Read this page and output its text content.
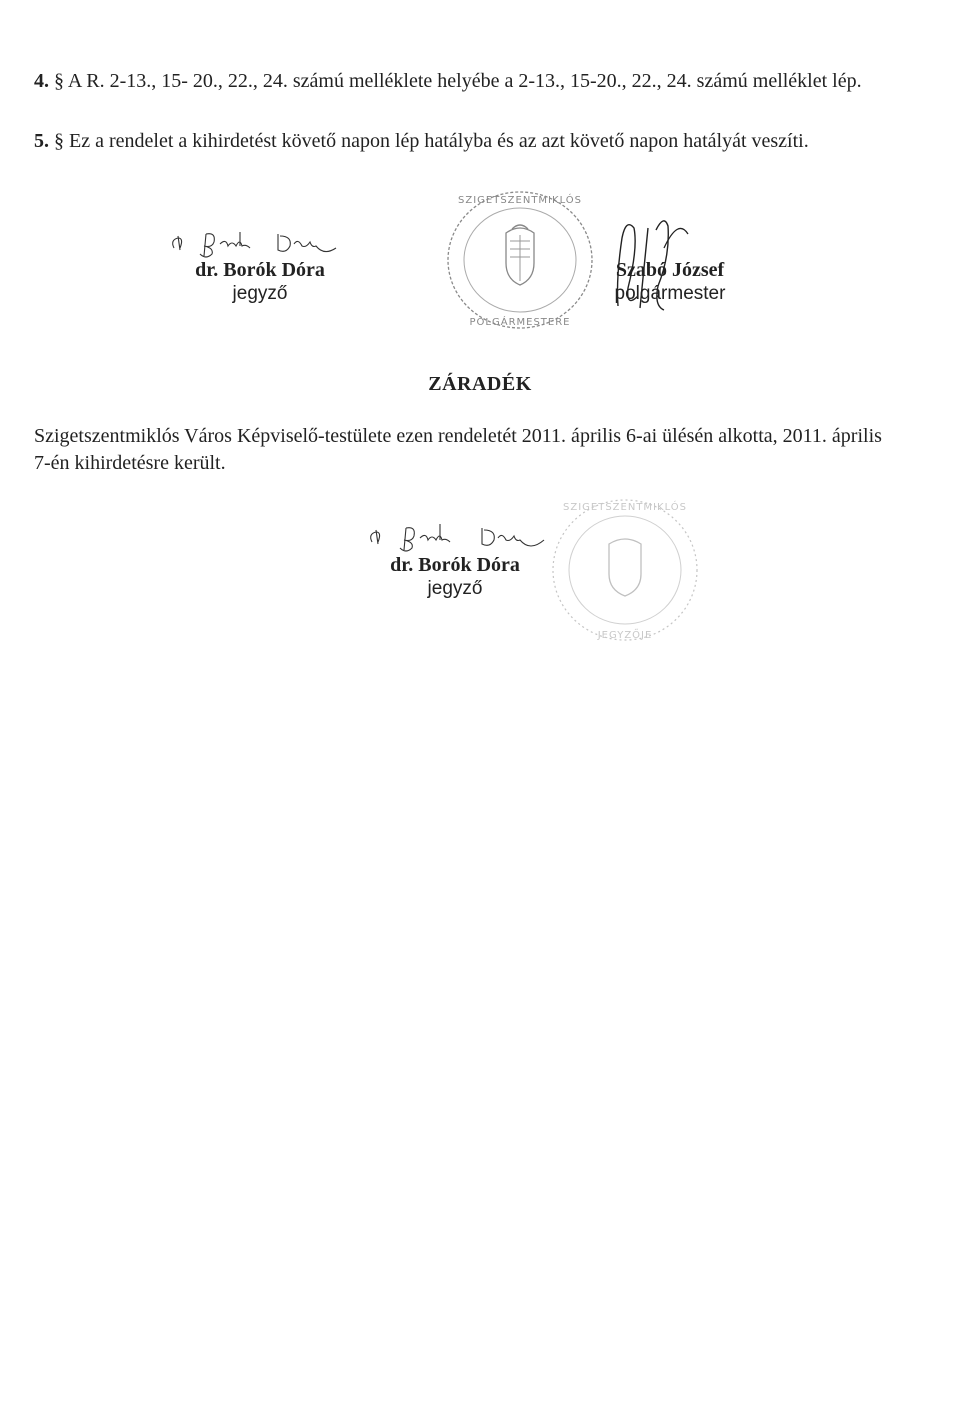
4. § A R. 2-13., 15- 20., 22., 24. számú melléklete helyébe a 2-13., 15-20., 22., 24. számú melléklet lép.
5. § Ez a rendelet a kihirdetést követő napon lép hatályba és az azt követő napon hatályát veszíti.
dr. Borók Dóra
jegyző
SZIGETSZENTMIKLÓS
POLGÁRMESTERE
Szabó József
polgármester
ZÁRADÉK
Szigetszentmiklós Város Képviselő-testülete ezen rendeletét 2011. április 6-ai ülésén alkotta, 2011. április 7-én kihirdetésre került.
dr. Borók Dóra
jegyző
SZIGETSZENTMIKLÓS
JEGYZŐJE
